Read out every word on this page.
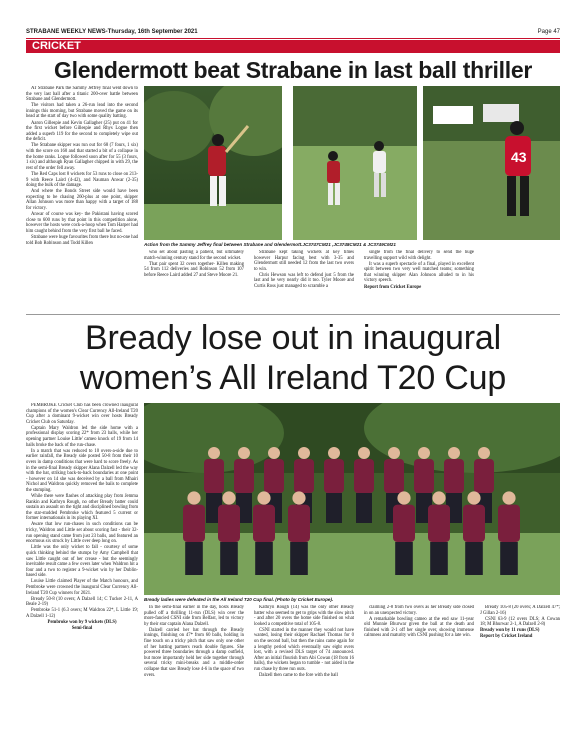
STRABANE WEEKLY NEWS-Thursday, 16th September 2021	Page 47
CRICKET
Glendermott beat Strabane in last ball thriller

AT Strabane Park the Sammy Jeffrey final went down to the very last ball after a titanic 200-over battle between Strabane and Glendermott.

The visitors had taken a 26-run lead into the second innings this morning, but Strabane moved the game on its head at the start of day two with some quality batting.

Aaron Gillespie and Kevin Gallagher (25) put on 41 for the first wicket before Gillespie and Rhys Logue then added a superb 119 for the second to completely wipe out the deficit.

The Strabane skipper was run out for 68 (7 fours, 1 six) with the score on 160 and that started a bit of a collapse in the home ranks. Logue followed soon after for 55 (3 fours, 1 six) and although Ryan Gallagher chipped in with 29, the rest of the order fell away.

The Red Caps lost 8 wickets for 53 runs to close on 213-9 with Reece Laird (4-42), and Nauman Anwar (2-35) doing the bulk of the damage.

And where the Bonds Street side would have been expecting to be chasing 260-plus at one point, skipper Allan Johnson was more than happy with a target of 188 for victory.

Anwar of course was key- the Pakistani having scored close to 600 runs by that point in this competition alone, however the hosts were cock-a-hoop when Tom Harper had him caught behind from the very first ball he faced.

Strabane were huge favourites from there but no-one had told Bob Robinson and Todd Killen

43
Action from the Sammy Jeffrey final between Strabane and Glendermott.JC3747CM21 ,JC3748CM21 & JC3749CM21

who set about pasting a patient, but ultimately match-winning century stand for the second wicket.

That pair spent 32 overs together- Killen making 54 from 112 deliveries and Robinson 52 from 107 before Reece Laird added 27 and Steve Moore 21.

Strabane kept taking wickets at key times however Harpur facing best with 3-35 and Glendermott still needed 12 from the last two overs to win.

Chris Hewson was left to defend just 5 from the last and he very nearly did it too. Tyler Moore and Curtis Ross just managed to scramble a

single from the final delivery to send the huge travelling support wild with delight.

It was a superb spectacle of a final, played in excellent spirit between two very well matched teams; something that winning skipper Alan Johnson alluded to in his victory speech.

Report from Cricket Europe

Bready lose out in inaugural
women’s All Ireland T20 Cup

PEMBROKE Cricket Club has been crowned inaugural champions of the women's Clear Currency All-Ireland T20 Cup after a dominant 9-wicket win over hosts Bready Cricket Club on Saturday.

Captain Mary Waldron led the side home with a professional display scoring 22* from 23 balls, while her opening partner Louise Little' cameo knock of 19 from 14 balls broke the back of the run-chase.

In a match that was reduced to 10 overs-a-side due to earlier rainfall, the Bready side posted 50-8 from their 10 overs in damp conditions that were hard to score freely. As in the semi-final Bready skipper Alana Dalzell led the way with the bat, striking back-to-back boundaries at one point - however on 14 she was deceived by a ball from Mhairi Nichol and Waldron quickly removed the bails to complete the stumping.

While there were flashes of attacking play from Jemma Rankin and Kathryn Rough, no other Bready batter could sustain an assault on the tight and disciplined bowling from the star-studded Pembroke which featured 5 current or former internationals in its playing XI.

Aware that low run-chases in such conditions can be tricky, Waldron and Little set about scoring fast - their 32-run opening stand came from just 23 balls, and featured an enormous six struck by Little over deep long on.

Little was the only wicket to fall - courtesy of some quick thinking behind the stumps by Amy Campbell that saw Little caught out of her crease - but the seemingly inevitable result came a few overs later when Waldron hit a four and a two to register a 9-wicket win by her Dublin-based side.

Louise Little claimed Player of the Match honours, and Pembroke were crowned the inaugural Clear Currency All-Ireland T20 Cup winners for 2021.

Bready 50-8 (10 overs; A Dalzell 14; C Tucker 2-11, A Beale 2-19)

Pembroke 51-1 (6.3 overs; M Waldron 22*, L Little 19; A Dalzell 1-12)

Pembroke won by 9 wickets (DLS)

Semi-final

Bready ladies were defeated in the All Ireland T20 Cup final. (Photo by Cricket Europe).

In the semi-final earlier in the day, hosts Bready pulled off a thrilling 11-run (DLS) win over the more-fancied CSNI side from Belfast, led to victory by their star captain Alana Dalzell.

Dalzell carried her bat through the Bready innings, finishing on 47* from 60 balls, holding in fine touch on a tricky pitch that saw only one other of her batting partners reach double figures. She powered three boundaries through a damp outfield, but more importantly held her side together through several tricky mini-breaks and a middle-order collapse that saw Bready lose 4-6 in the space of two overs.

Kathryn Rough (14) was the only other Bready batter who seemed to get to grips with the slow pitch - and after 20 overs the home side finished on what looked a competitive total of 105-8.

CSNI started in the manner they would not have wanted, losing their skipper Rachael Thomas for 0 on the second ball, but then the rains came again for a lengthy period which eventually saw eight overs lost, with a revised DLS target of 74 announced. After an initial flourish from Abi Cowan (18 from 16 balls), the wickets began to tumble - not aided in the run chase by three run outs.

Dalzell then came to the fore with the ball

claiming 2-8 from two overs as her Bready side closed in on an unexpected victory.

A remarkable bowling cameo at the end saw 11-year old Munnie Bhurwar given the ball at the death and finished with 2-1 off her single over, showing immense calmness and maturity with CSNI pushing for a late win.

Bready 105-8 (20 overs; A Dalzell 47*; J Gillan 2-16)

CSNI 63-9 (12 overs DLS; A Cowan 18; M Bhurwar 2-1, A Dalzell 2-8)

Bready won by 11 runs (DLS)

Report by Cricket Ireland
